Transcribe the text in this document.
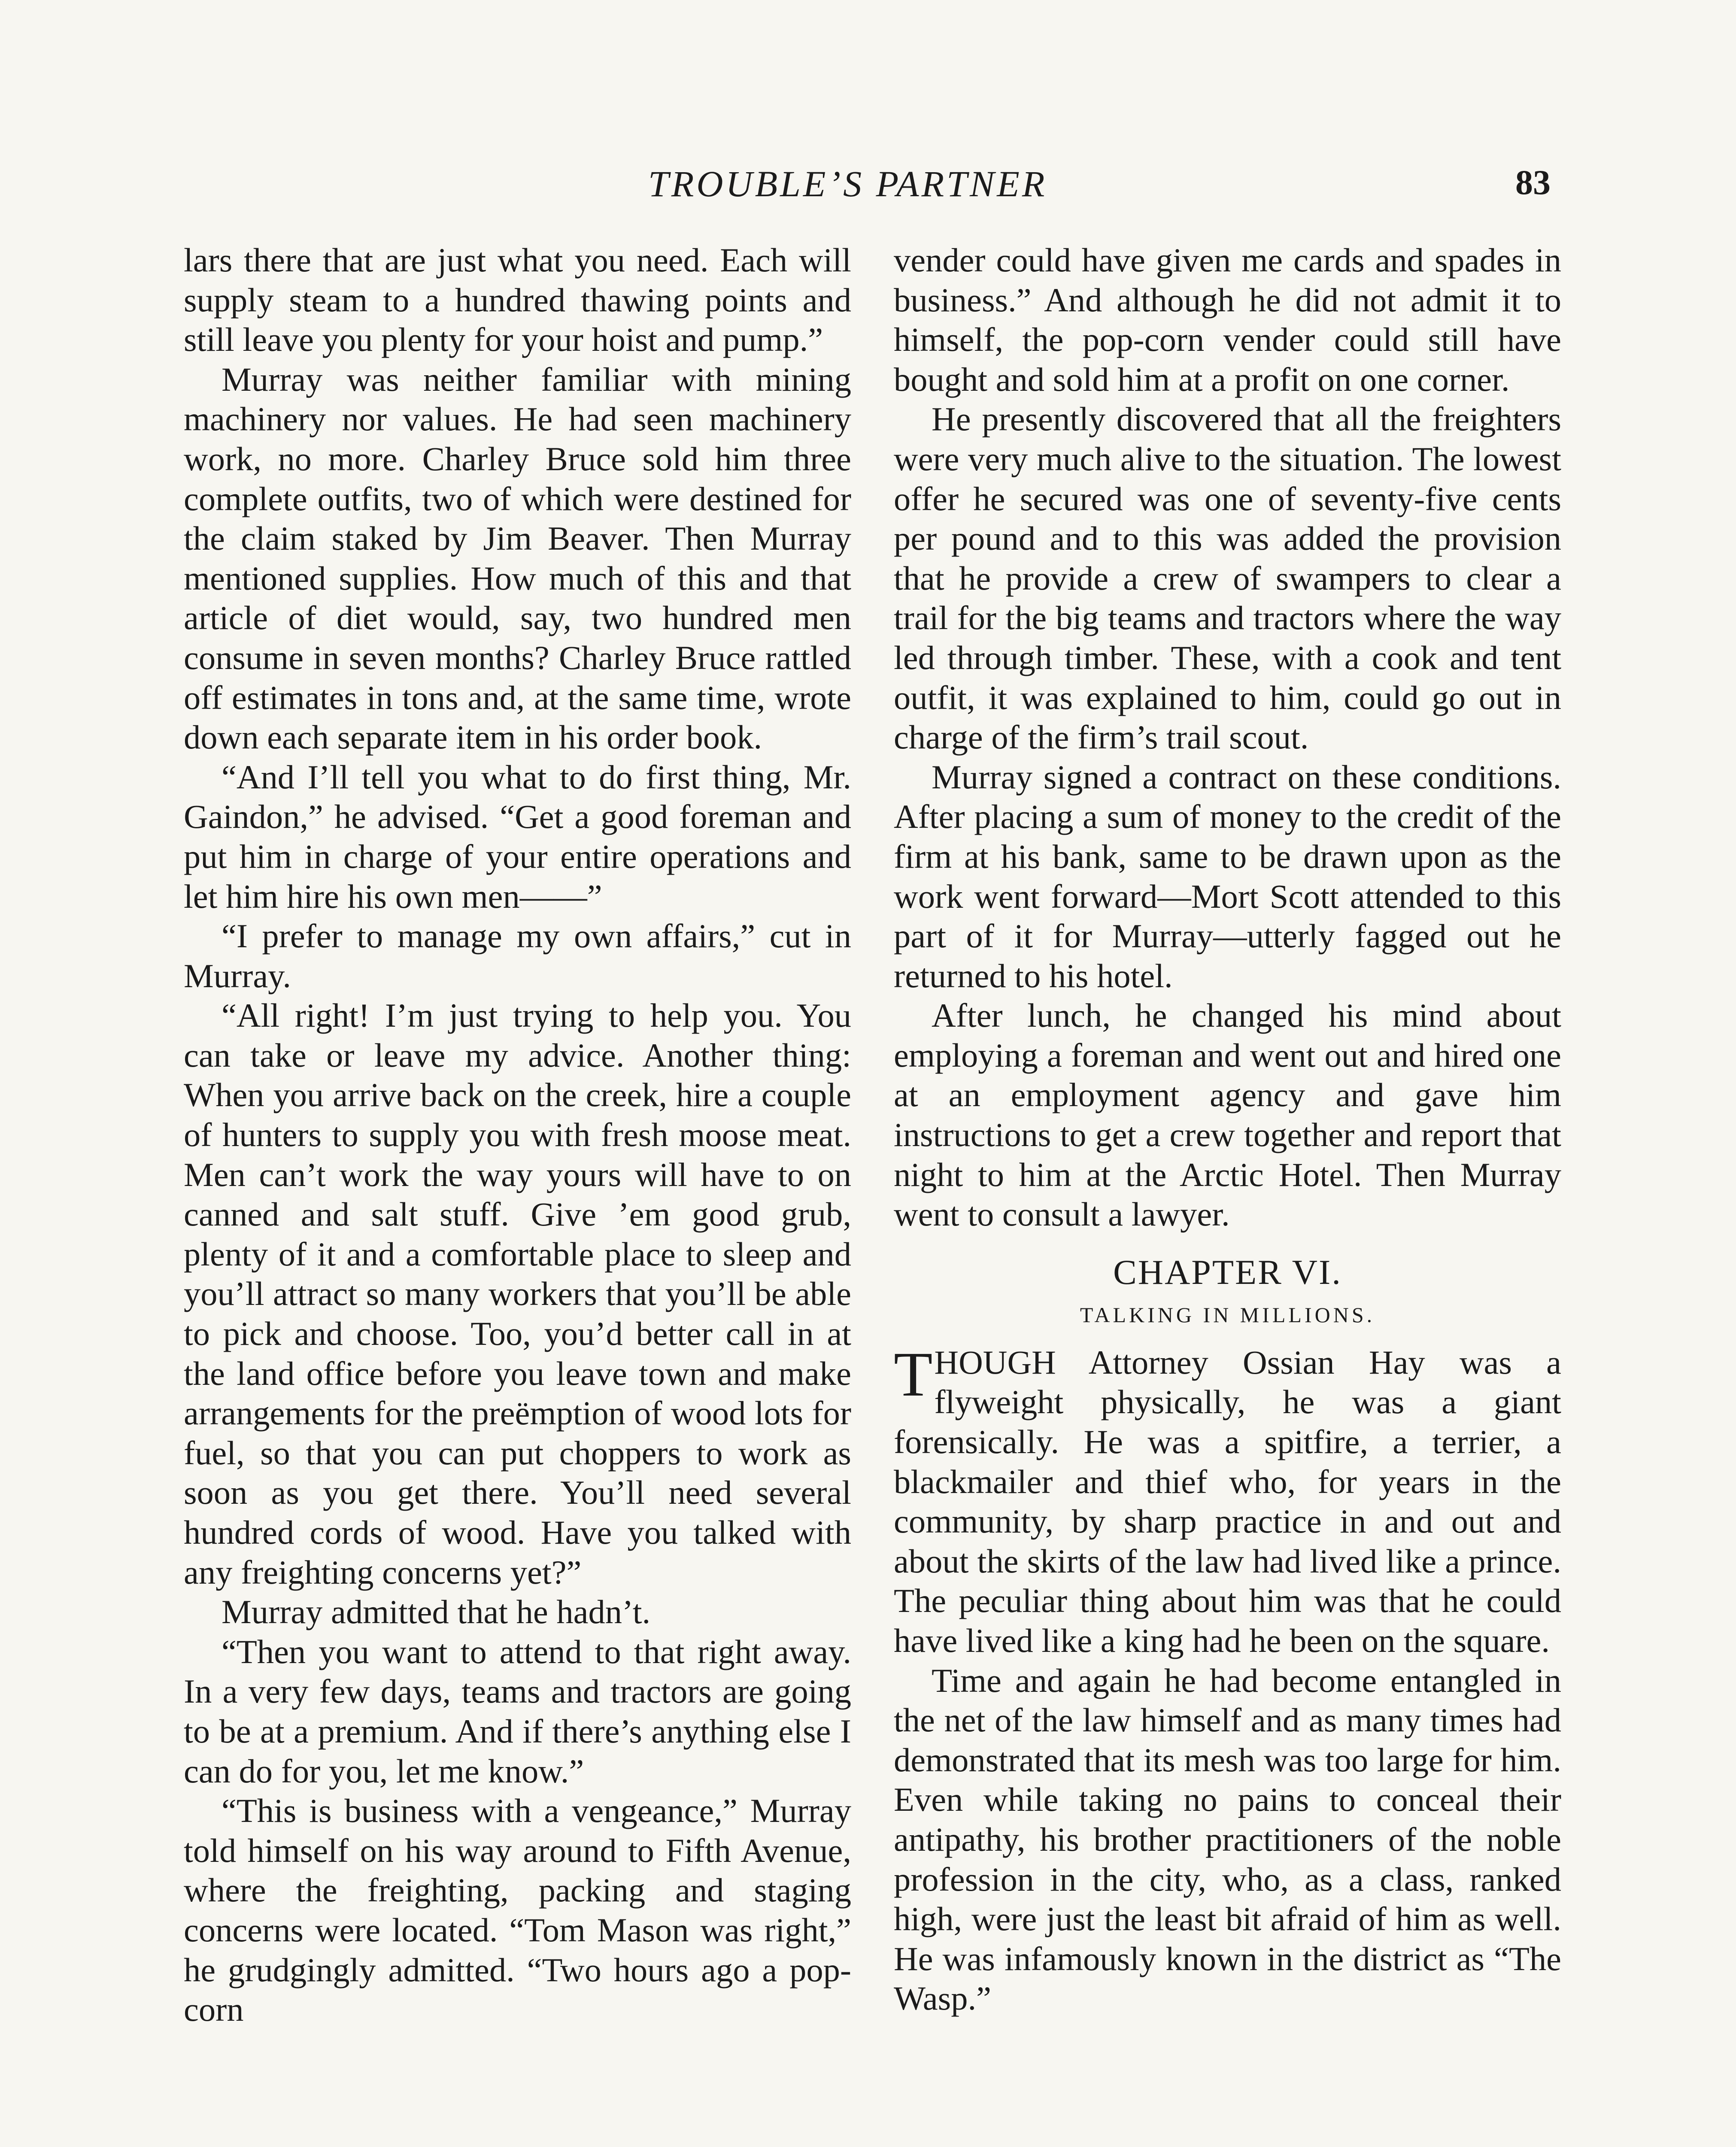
TROUBLE’S PARTNER	83

lars there that are just what you need. Each will supply steam to a hundred thawing points and still leave you plenty for your hoist and pump.”

Murray was neither familiar with mining machinery nor values. He had seen machinery work, no more. Charley Bruce sold him three complete outfits, two of which were destined for the claim staked by Jim Beaver. Then Murray mentioned supplies. How much of this and that article of diet would, say, two hundred men consume in seven months? Charley Bruce rattled off estimates in tons and, at the same time, wrote down each separate item in his order book.

“And I’ll tell you what to do first thing, Mr. Gaindon,” he advised. “Get a good foreman and put him in charge of your entire operations and let him hire his own men——”

“I prefer to manage my own affairs,” cut in Murray.

“All right! I’m just trying to help you. You can take or leave my advice. Another thing: When you arrive back on the creek, hire a couple of hunters to supply you with fresh moose meat. Men can’t work the way yours will have to on canned and salt stuff. Give ’em good grub, plenty of it and a comfortable place to sleep and you’ll attract so many workers that you’ll be able to pick and choose. Too, you’d better call in at the land office before you leave town and make arrangements for the preëmption of wood lots for fuel, so that you can put choppers to work as soon as you get there. You’ll need several hundred cords of wood. Have you talked with any freighting concerns yet?”

Murray admitted that he hadn’t.

“Then you want to attend to that right away. In a very few days, teams and tractors are going to be at a premium. And if there’s anything else I can do for you, let me know.”

“This is business with a vengeance,” Murray told himself on his way around to Fifth Avenue, where the freighting, packing and staging concerns were located. “Tom Mason was right,” he grudgingly admitted. “Two hours ago a pop-corn

vender could have given me cards and spades in business.” And although he did not admit it to himself, the pop-corn vender could still have bought and sold him at a profit on one corner.

He presently discovered that all the freighters were very much alive to the situation. The lowest offer he secured was one of seventy-five cents per pound and to this was added the provision that he provide a crew of swampers to clear a trail for the big teams and tractors where the way led through timber. These, with a cook and tent outfit, it was explained to him, could go out in charge of the firm’s trail scout.

Murray signed a contract on these conditions. After placing a sum of money to the credit of the firm at his bank, same to be drawn upon as the work went forward—Mort Scott attended to this part of it for Murray—utterly fagged out he returned to his hotel.

After lunch, he changed his mind about employing a foreman and went out and hired one at an employment agency and gave him instructions to get a crew together and report that night to him at the Arctic Hotel. Then Murray went to consult a lawyer.

CHAPTER VI.
TALKING IN MILLIONS.

THOUGH Attorney Ossian Hay was a flyweight physically, he was a giant forensically. He was a spitfire, a terrier, a blackmailer and thief who, for years in the community, by sharp practice in and out and about the skirts of the law had lived like a prince. The peculiar thing about him was that he could have lived like a king had he been on the square.

Time and again he had become entangled in the net of the law himself and as many times had demonstrated that its mesh was too large for him. Even while taking no pains to conceal their antipathy, his brother practitioners of the noble profession in the city, who, as a class, ranked high, were just the least bit afraid of him as well. He was infamously known in the district as “The Wasp.”
